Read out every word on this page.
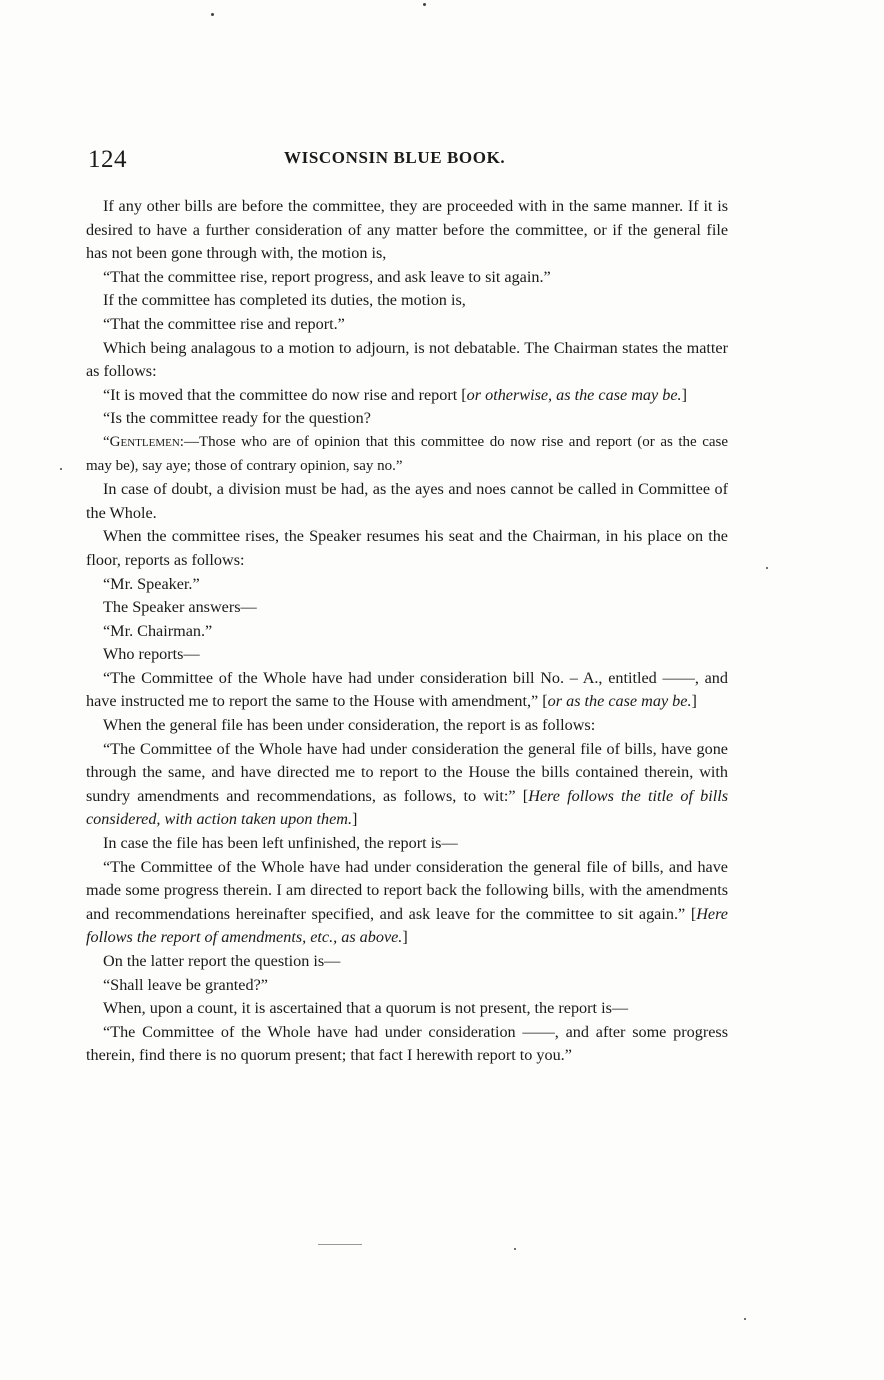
124	WISCONSIN BLUE BOOK.

If any other bills are before the committee, they are proceeded with in the same manner. If it is desired to have a further consideration of any matter before the committee, or if the general file has not been gone through with, the motion is,

“That the committee rise, report progress, and ask leave to sit again.”

If the committee has completed its duties, the motion is,

“That the committee rise and report.”

Which being analagous to a motion to adjourn, is not debatable. The Chairman states the matter as follows:

“It is moved that the committee do now rise and report [or otherwise, as the case may be.]

“Is the committee ready for the question?

“Gentlemen:—Those who are of opinion that this committee do now rise and report (or as the case may be), say aye; those of contrary opinion, say no.”

In case of doubt, a division must be had, as the ayes and noes cannot be called in Committee of the Whole.

When the committee rises, the Speaker resumes his seat and the Chairman, in his place on the floor, reports as follows:

“Mr. Speaker.”

The Speaker answers—

“Mr. Chairman.”

Who reports—

“The Committee of the Whole have had under consideration bill No. – A., entitled ——, and have instructed me to report the same to the House with amendment,” [or as the case may be.]

When the general file has been under consideration, the report is as follows:

“The Committee of the Whole have had under consideration the general file of bills, have gone through the same, and have directed me to report to the House the bills contained therein, with sundry amendments and recommendations, as follows, to wit:” [Here follows the title of bills considered, with action taken upon them.]

In case the file has been left unfinished, the report is—

“The Committee of the Whole have had under consideration the general file of bills, and have made some progress therein. I am directed to report back the following bills, with the amendments and recommendations hereinafter specified, and ask leave for the committee to sit again.” [Here follows the report of amendments, etc., as above.]

On the latter report the question is—

“Shall leave be granted?”

When, upon a count, it is ascertained that a quorum is not present, the report is—

“The Committee of the Whole have had under consideration ——, and after some progress therein, find there is no quorum present; that fact I herewith report to you.”
